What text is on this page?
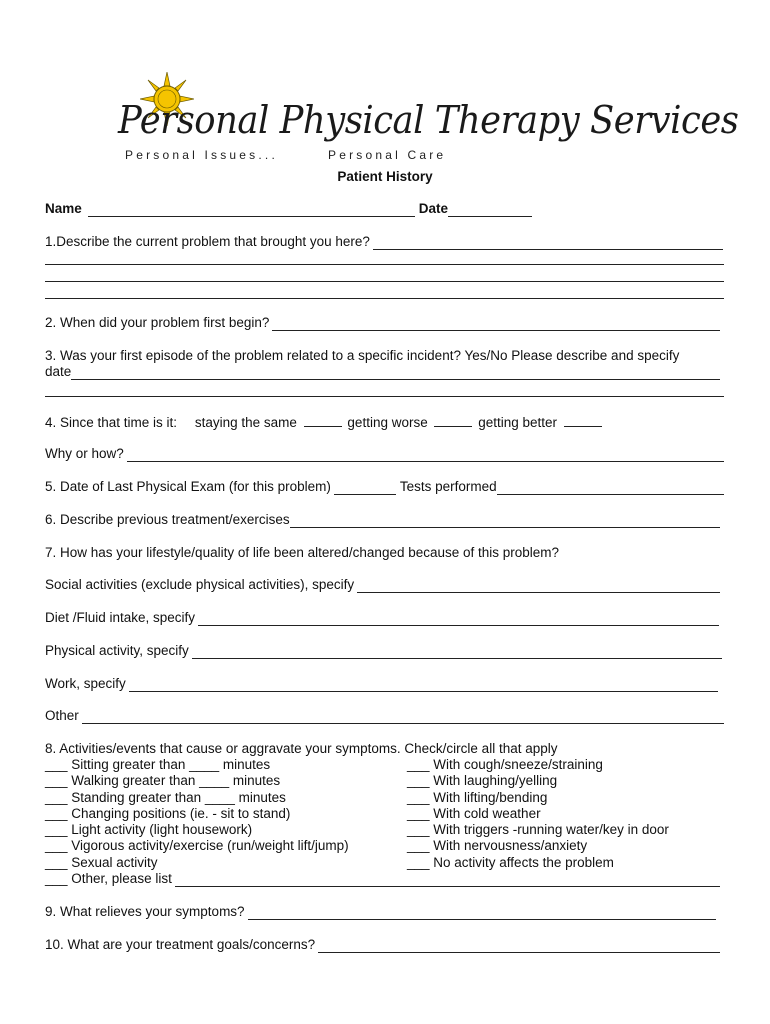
Personal Physical Therapy Services
Personal Issues...	Personal Care
Patient History
Name	Date
1.Describe the current problem that brought you here?
2. When did your problem first begin?
3. Was your first episode of the problem related to a specific incident? Yes/No Please describe and specify
date
4. Since that time is it: staying the same	getting worse	getting better
Why or how?
5. Date of Last Physical Exam (for this problem)	Tests performed
6. Describe previous treatment/exercises
7. How has your lifestyle/quality of life been altered/changed because of this problem?
Social activities (exclude physical activities), specify
Diet /Fluid intake, specify
Physical activity, specify
Work, specify
Other
8. Activities/events that cause or aggravate your symptoms. Check/circle all that apply
___ Sitting greater than ____ minutes
___ Walking greater than ____ minutes
___ Standing greater than ____ minutes
___ Changing positions (ie. - sit to stand)
___ Light activity (light housework)
___ Vigorous activity/exercise (run/weight lift/jump)
___ Sexual activity
___ With cough/sneeze/straining
___ With laughing/yelling
___ With lifting/bending
___ With cold weather
___ With triggers -running water/key in door
___ With nervousness/anxiety
___ No activity affects the problem
___ Other, please list
9. What relieves your symptoms?
10. What are your treatment goals/concerns?
